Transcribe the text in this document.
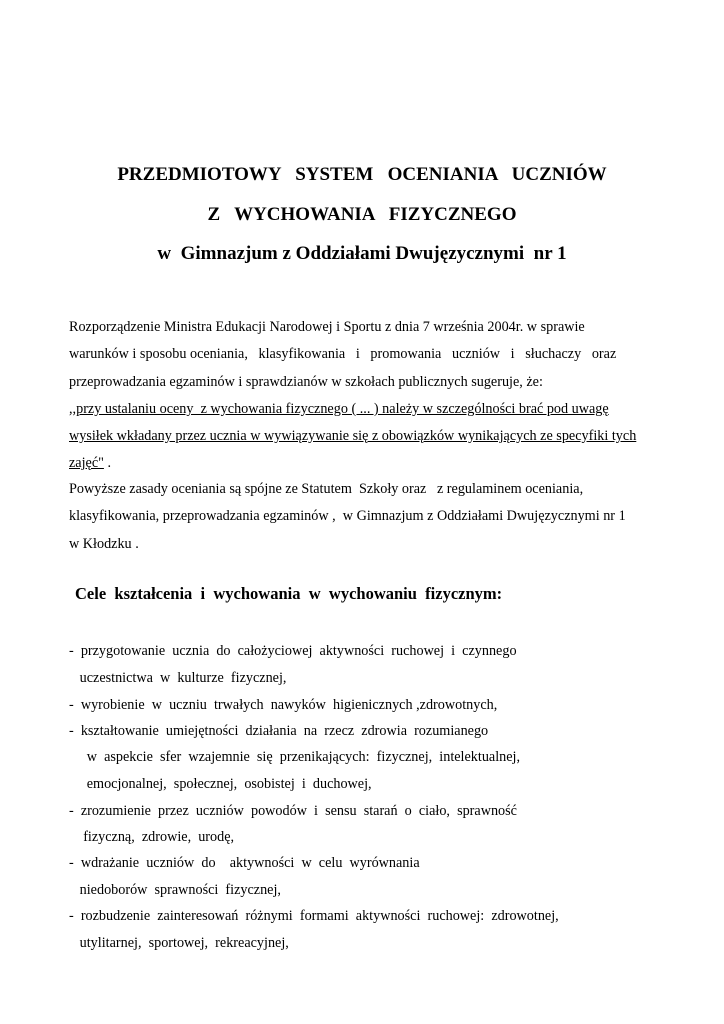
PRZEDMIOTOWY   SYSTEM   OCENIANIA   UCZNIÓW
Z   WYCHOWANIA   FIZYCZNEGO
w  Gimnazjum z Oddziałami Dwujęzycznymi  nr 1
Rozporządzenie Ministra Edukacji Narodowej i Sportu z dnia 7 września 2004r. w sprawie
warunków i sposobu oceniania,   klasyfikowania   i   promowania   uczniów   i   słuchaczy   oraz
przeprowadzania egzaminów i sprawdzianów w szkołach publicznych sugeruje, że:
,,przy ustalaniu oceny  z wychowania fizycznego ( ... ) należy w szczególności brać pod uwagę
wysiłek wkładany przez ucznia w wywiązywanie się z obowiązków wynikających ze specyfiki tych
zajęć" .
Powyższe zasady oceniania są spójne ze Statutem  Szkoły oraz   z regulaminem oceniania,
klasyfikowania, przeprowadzania egzaminów ,  w Gimnazjum z Oddziałami Dwujęzycznymi nr 1
w Kłodzku .
Cele  kształcenia  i  wychowania  w  wychowaniu  fizycznym:
-  przygotowanie  ucznia  do  całożyciowej  aktywności  ruchowej  i  czynnego
uczestnictwa  w  kulturze  fizycznej,
-  wyrobienie  w  uczniu  trwałych  nawyków  higienicznych ,zdrowotnych,
-  kształtowanie  umiejętności  działania  na  rzecz  zdrowia  rozumianego
w  aspekcie  sfer  wzajemnie  się  przenikających:  fizycznej,  intelektualnej,
emocjonalnej,  społecznej,  osobistej  i  duchowej,
-  zrozumienie  przez  uczniów  powodów  i  sensu  starań  o  ciało,  sprawność
fizyczną,  zdrowie,  urodę,
-  wdrażanie  uczniów  do    aktywności  w  celu  wyrównania
niedoborów  sprawności  fizycznej,
-  rozbudzenie  zainteresowań  różnymi  formami  aktywności  ruchowej:  zdrowotnej,
utylitarnej,  sportowej,  rekreacyjnej,
